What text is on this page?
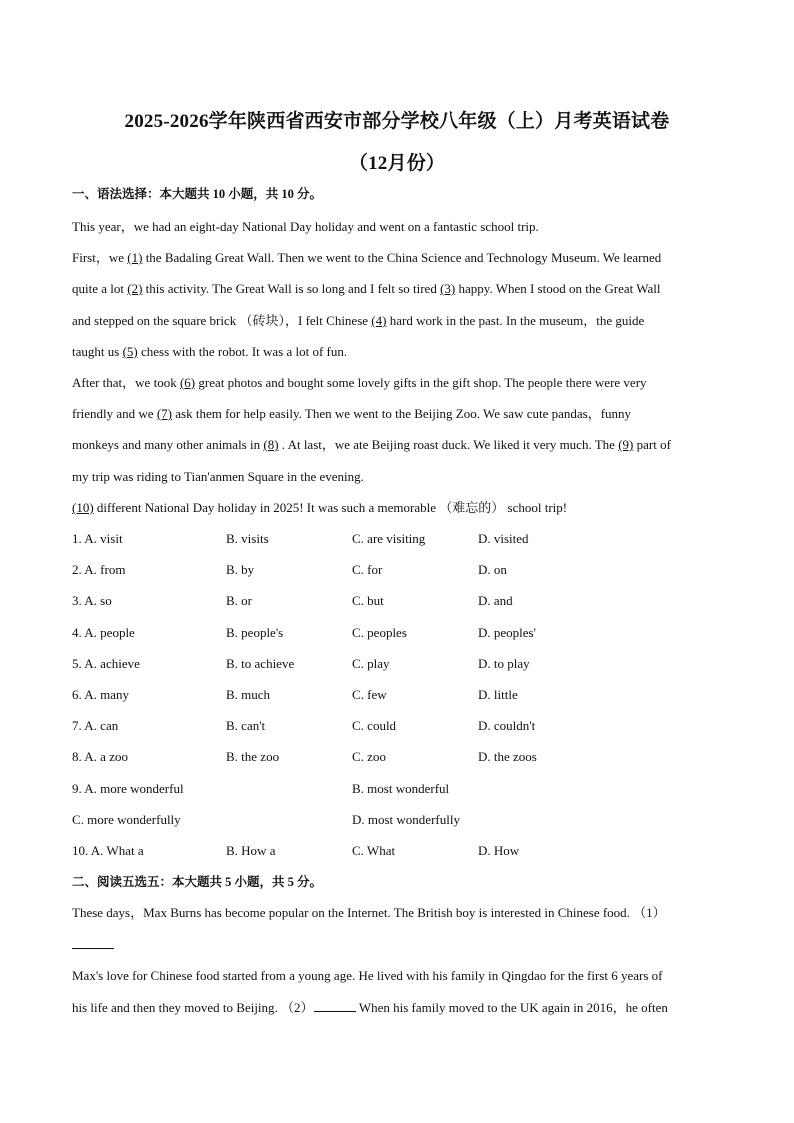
2025-2026学年陕西省西安市部分学校八年级（上）月考英语试卷
（12月份）
一、语法选择：本大题共 10 小题，共 10 分。
This year，we had an eight-day National Day holiday and went on a fantastic school trip.
First，we (1) the Badaling Great Wall. Then we went to the China Science and Technology Museum. We learned
quite a lot (2) this activity. The Great Wall is so long and I felt so tired (3) happy. When I stood on the Great Wall
and stepped on the square brick （砖块），I felt Chinese (4) hard work in the past. In the museum，the guide
taught us (5) chess with the robot. It was a lot of fun.
After that，we took (6) great photos and bought some lovely gifts in the gift shop. The people there were very
friendly and we (7) ask them for help easily. Then we went to the Beijing Zoo. We saw cute pandas，funny
monkeys and many other animals in (8) . At last，we ate Beijing roast duck. We liked it very much. The (9) part of
my trip was riding to Tian'anmen Square in the evening.
(10) different National Day holiday in 2025! It was such a memorable （难忘的） school trip!
1. A. visit	B. visits	C. are visiting	D. visited
2. A. from	B. by	C. for	D. on
3. A. so	B. or	C. but	D. and
4. A. people	B. people's	C. peoples	D. peoples'
5. A. achieve	B. to achieve	C. play	D. to play
6. A. many	B. much	C. few	D. little
7. A. can	B. can't	C. could	D. couldn't
8. A. a zoo	B. the zoo	C. zoo	D. the zoos
9. A. more wonderful	B. most wonderful
C. more wonderfully	D. most wonderfully
10. A. What a	B. How a	C. What	D. How
二、阅读五选五：本大题共 5 小题，共 5 分。
These days，Max Burns has become popular on the Internet. The British boy is interested in Chinese food. （1）
Max's love for Chinese food started from a young age. He lived with his family in Qingdao for the first 6 years of
his life and then they moved to Beijing. （2）	When his family moved to the UK again in 2016，he often
